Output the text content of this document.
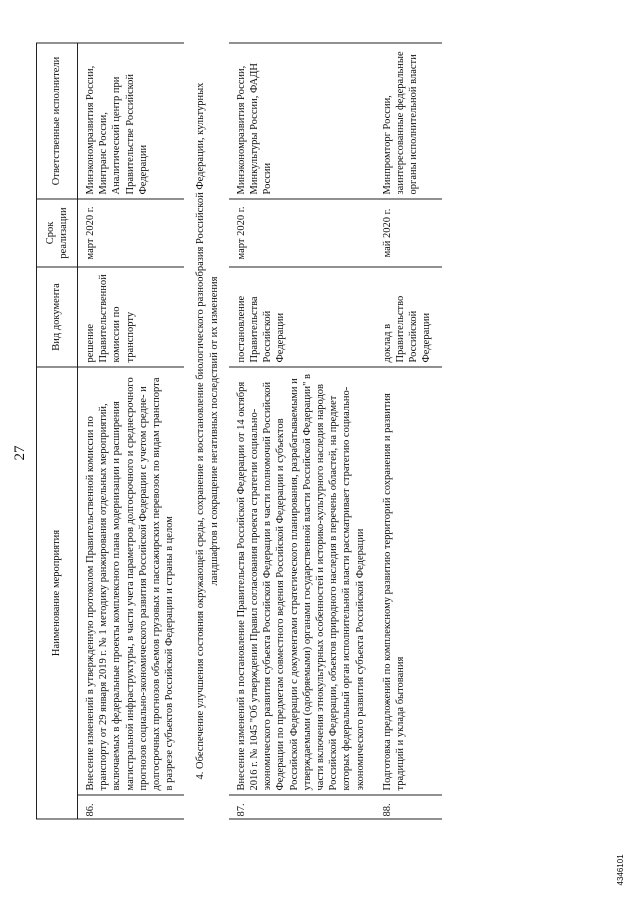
27
Наименование мероприятия		Вид документа	Срок реализации	Ответственные исполнители
86.	Внесение изменений в утвержденную протоколом Правительственной комиссии по транспорту от 29 января 2019 г. № 1 методику ранжирования отдельных мероприятий, включаемых в федеральные проекты комплексного плана модернизации и расширения магистральной инфраструктуры, в части учета параметров долгосрочного и среднесрочного прогнозов социально-экономического развития Российской Федерации с учетом средне- и долгосрочных прогнозов объемов грузовых и пассажирских перевозок по видам транспорта в разрезе субъектов Российской Федерации и страны в целом	решение Правительственной комиссии по транспорту	март 2020 г.	Минэкономразвития России, Минтранс России, Аналитический центр при Правительстве Российской Федерации
4. Обеспечение улучшения состояния окружающей среды, сохранение и восстановление биологического разнообразия Российской Федерации, культурных ландшафтов и сокращение негативных последствий от их изменения				
87.	Внесение изменений в постановление Правительства Российской Федерации от 14 октября 2016 г. № 1045 "Об утверждении Правил согласования проекта стратегии социально-экономического развития субъекта Российской Федерации в части полномочий Российской Федерации по предметам совместного ведения Российской Федерации и субъектов Российской Федерации с документами стратегического планирования, разрабатываемыми и утверждаемыми (одобряемыми) органами государственной власти Российской Федерации" в части включения этнокультурных особенностей и историко-культурного наследия народов Российской Федерации, объектов природного наследия в перечень областей, на предмет которых федеральный орган исполнительной власти рассматривает стратегию социально-экономического развития субъекта Российской Федерации	постановление Правительства Российской Федерации	март 2020 г.	Минэкономразвития России, Минкультуры России, ФАДН России
88.	Подготовка предложений по комплексному развитию территорий сохранения и развития традиций и уклада бытования	доклад в Правительство Российской Федерации	май 2020 г.	Минпромторг России, заинтересованные федеральные органы исполнительной власти
4346101
